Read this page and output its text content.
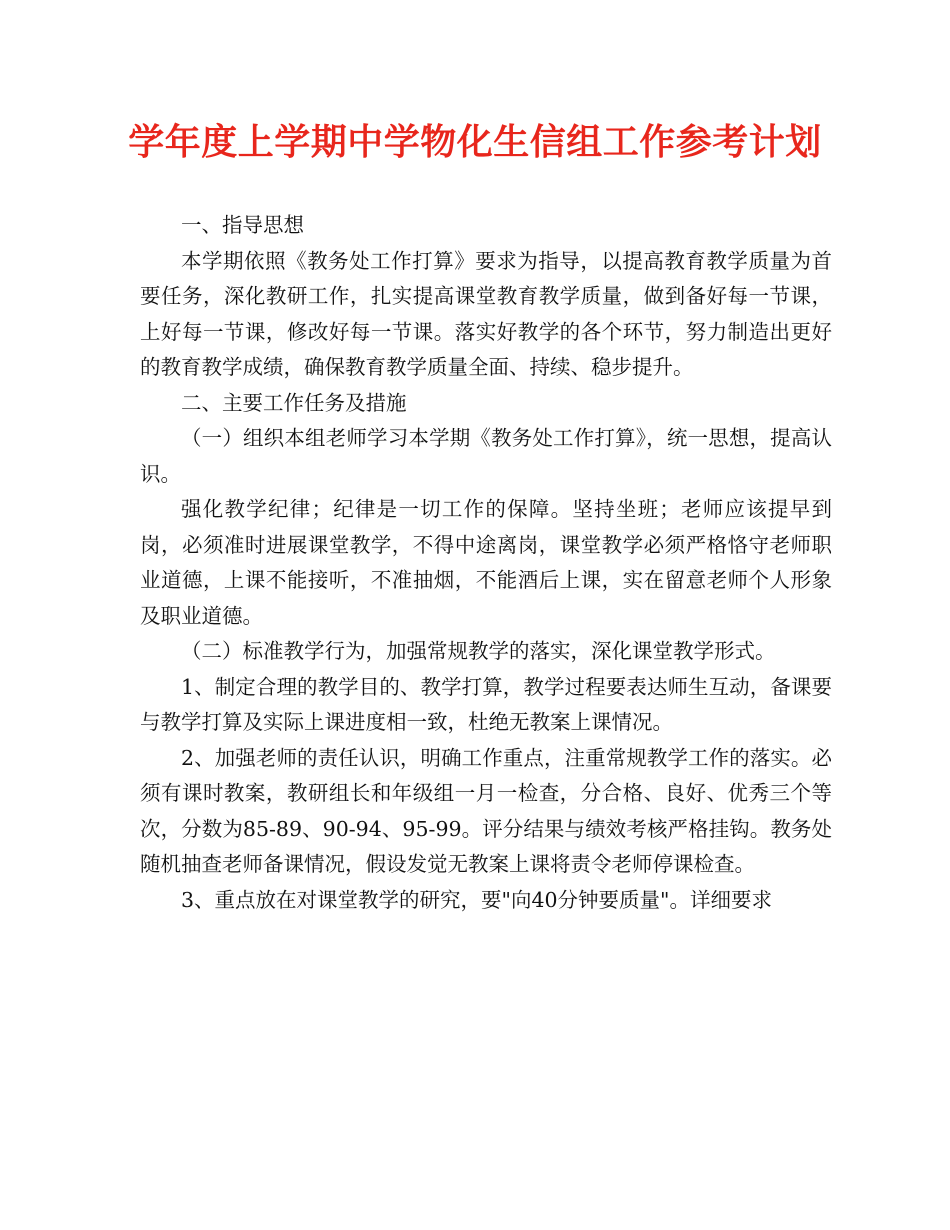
学年度上学期中学物化生信组工作参考计划

一、指导思想

本学期依照《教务处工作打算》要求为指导，以提高教育教学质量为首要任务，深化教研工作，扎实提高课堂教育教学质量，做到备好每一节课，上好每一节课，修改好每一节课。落实好教学的各个环节，努力制造出更好的教育教学成绩，确保教育教学质量全面、持续、稳步提升。

二、主要工作任务及措施

（一）组织本组老师学习本学期《教务处工作打算》，统一思想，提高认识。

强化教学纪律；纪律是一切工作的保障。坚持坐班；老师应该提早到岗，必须准时进展课堂教学，不得中途离岗，课堂教学必须严格恪守老师职业道德，上课不能接听，不准抽烟，不能酒后上课，实在留意老师个人形象及职业道德。

（二）标准教学行为，加强常规教学的落实，深化课堂教学形式。

1、制定合理的教学目的、教学打算，教学过程要表达师生互动，备课要与教学打算及实际上课进度相一致，杜绝无教案上课情况。

2、加强老师的责任认识，明确工作重点，注重常规教学工作的落实。必须有课时教案，教研组长和年级组一月一检查，分合格、良好、优秀三个等次，分数为85-89、90-94、95-99。评分结果与绩效考核严格挂钩。教务处随机抽查老师备课情况，假设发觉无教案上课将责令老师停课检查。

3、重点放在对课堂教学的研究，要"向40分钟要质量"。详细要求
